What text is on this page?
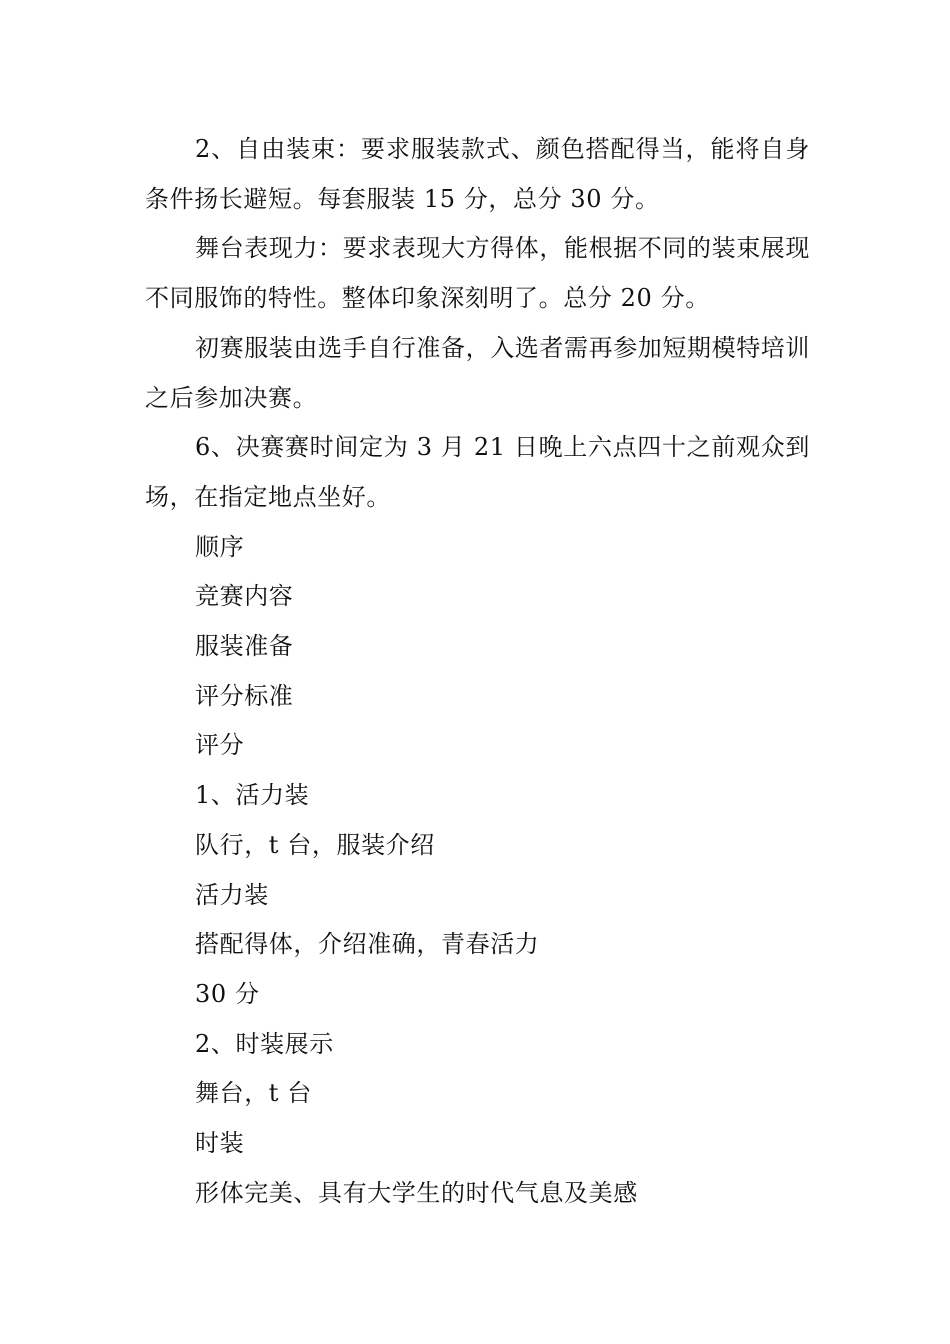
2、自由装束：要求服装款式、颜色搭配得当，能将自身条件扬长避短。每套服装 15 分，总分 30 分。

舞台表现力：要求表现大方得体，能根据不同的装束展现不同服饰的特性。整体印象深刻明了。总分 20 分。

初赛服装由选手自行准备，入选者需再参加短期模特培训之后参加决赛。

6、决赛赛时间定为 3 月 21 日晚上六点四十之前观众到场，在指定地点坐好。

顺序

竞赛内容

服装准备

评分标准

评分

1、活力装

队行，t 台，服装介绍

活力装

搭配得体，介绍准确，青春活力

30 分

2、时装展示

舞台，t 台

时装

形体完美、具有大学生的时代气息及美感
